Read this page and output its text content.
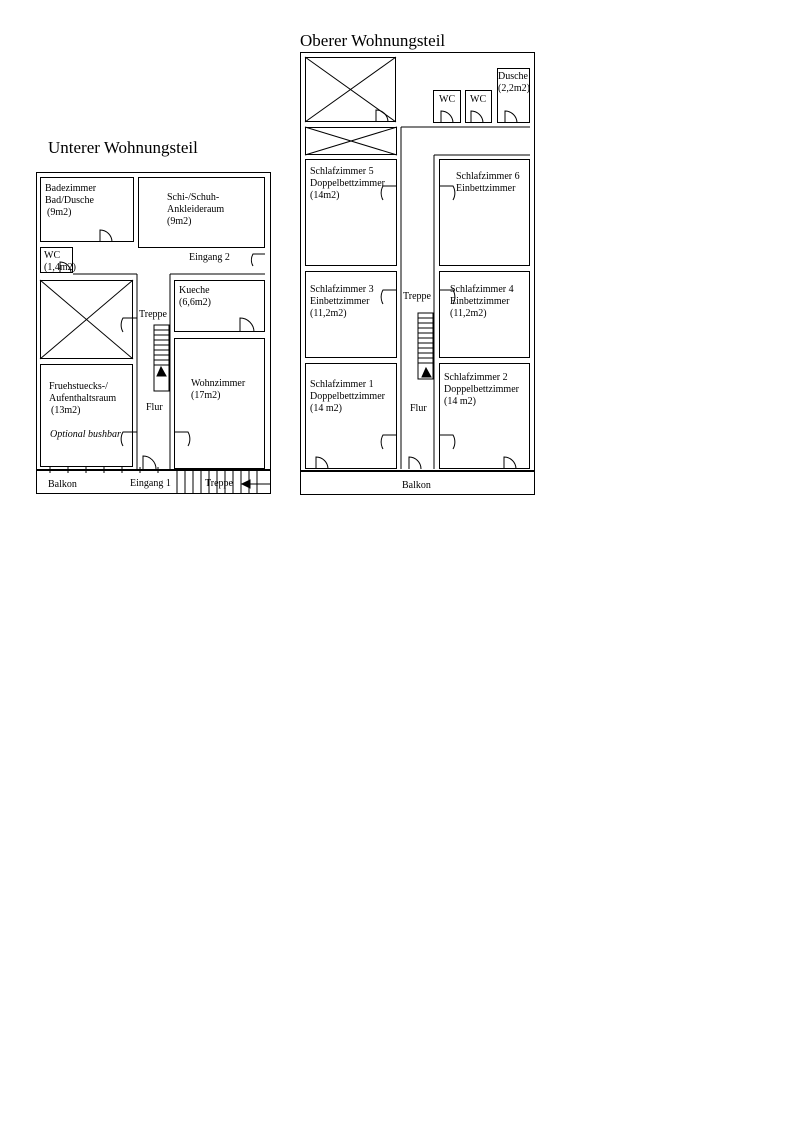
Unterer Wohnungsteil
Badezimmer
Bad/Dusche
(9m2)
Schi-/Schuh-
Ankleideraum
(9m2)
Eingang 2
WC
(1,4m2)
Kueche
(6,6m2)
Treppe
Wohnzimmer
(17m2)
Fruehstuecks-/
Aufenthaltsraum
(13m2)
Optional bushbar
Flur
Balkon	Eingang 1	Treppe
Oberer Wohnungsteil
WC WC
Dusche
(2,2m2)
Schlafzimmer 5
Doppelbettzimmer
(14m2)
Schlafzimmer 6
Einbettzimmer
Schlafzimmer 3
Einbettzimmer
(11,2m2)
Treppe
Schlafzimmer 4
Einbettzimmer
(11,2m2)
Schlafzimmer 1
Doppelbettzimmer
(14 m2)	Flur
Schlafzimmer 2
Doppelbettzimmer
(14 m2)
Balkon
